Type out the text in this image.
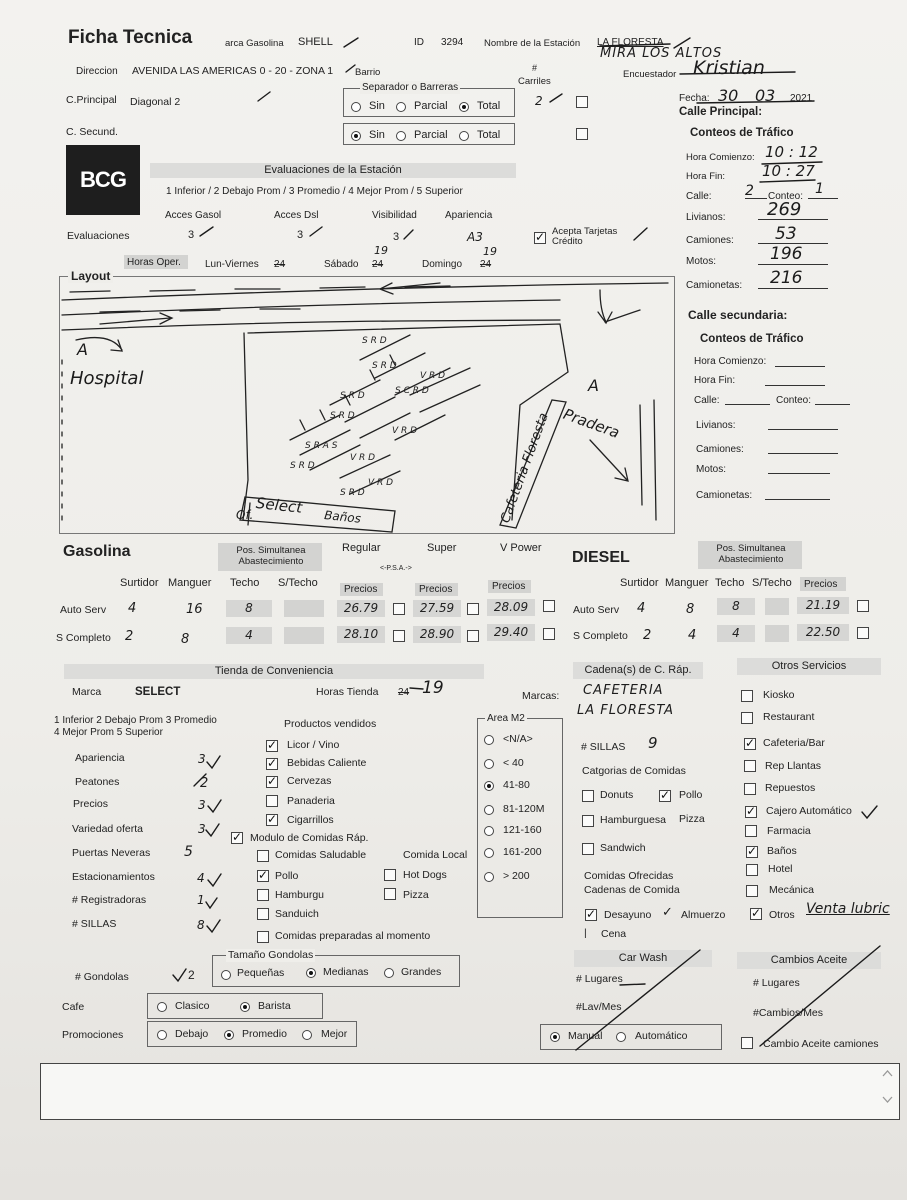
Ficha Tecnica	arca Gasolina SHELL	ID 3294 Nombre de la Estación LA FLORESTA
MIRA LOS ALTOS
Direccion AVENIDA LAS AMERICAS 0 - 20 - ZONA 1 Barrio
Separador o Barreras
Sin	Parcial	Total
Sin	Parcial	Total
#
Carriles
2
C.Principal Diagonal 2
C. Secund.
Encuestador Kristian
Fecha: 30 03 2021
Calle Principal:
BCG	Evaluaciones de la Estación
1 Inferior / 2 Debajo Prom / 3 Promedio / 4 Mejor Prom / 5 Superior
Acces Gasol	Acces Dsl	Visibilidad	Apariencia
Evaluaciones	3	3	3	A3
✓	Acepta Tarjetas Crédito
Horas Oper. Lun-Viernes 24	Sábado
19
24	Domingo
19
24
Layout
S R D
S R D
S C R D
V R D
S R D
S R D
V R D
S R A S
V R D
S R D
V R D
S R D
A
Hospital	A
Pradera
Cafeteria Floresta
Select
Baños
Of.
Conteos de Tráfico
Hora Comienzo: 10 : 12
Hora Fin: 10 : 27
Calle: 2 Conteo: 1
Livianos: 269
Camiones: 53
Motos:	196
Camionetas: 216
Calle secundaria:
Conteos de Tráfico
Hora Comienzo:
Hora Fin:
Calle:	Conteo:
Livianos:
Camiones:
Motos:
Camionetas:
Gasolina	Pos. Simultanea Abastecimiento
Regular	Super	V Power
<-P.S.A.->
Surtidor Manguer Techo S/Techo
Precios	Precios	Precios
Auto Serv 4	16	8	26.79	27.59	28.09
S Completo 2	8	4	28.10	28.90	29.40
DIESEL
Pos. Simultanea Abastecimiento
Surtidor Manguer Techo S/Techo Precios
Auto Serv 4	8	8	21.19
S Completo 2	4	4	22.50
Tienda de Conveniencia
Marca	SELECT	Horas Tienda 24 19
1 Inferior 2 Debajo Prom 3 Promedio
4 Mejor Prom 5 Superior
Apariencia	3
Peatones	2
Precios	3
Variedad oferta	3
Puertas Neveras 5
Estacionamientos	4
# Registradoras	1
# SILLAS	8
Productos vendidos
✓
Licor / Vino
✓
Bebidas Caliente
✓
Cervezas
Panaderia
✓
Cigarrillos
✓
Modulo de Comidas Ráp.
Comidas Saludable	Comida Local
✓
Pollo	Hot Dogs
Hamburgu	Pizza
Sanduich
Comidas preparadas al momento
Area M2
<N/A>
< 40
41-80
81-120M
121-160
161-200
> 200
# Gondolas	2
Tamaño Gondolas
Pequeñas	Medianas	Grandes
Cafe	Clasico	Barista
Promociones	Debajo	Promedio	Mejor
Cadena(s) de C. Ráp.
Marcas: CAFETERIA
LA FLORESTA
# SILLAS 9
Catgorias de Comidas
Donuts ✓	Pollo
Hamburguesa Pizza
Sandwich
Comidas Ofrecidas
Cadenas de Comida
✓
Desayuno ✓ Almuerzo
| Cena
Otros Servicios
Kiosko
Restaurant
✓
Cafeteria/Bar
Rep Llantas
Repuestos
✓
Cajero Automático
Farmacia
✓
Baños
Hotel
Mecánica
✓
Otros Venta lubric
Car Wash
# Lugares
#Lav/Mes
Manual	Automático
Cambios Aceite
# Lugares
#Cambios/Mes
Cambio Aceite camiones
